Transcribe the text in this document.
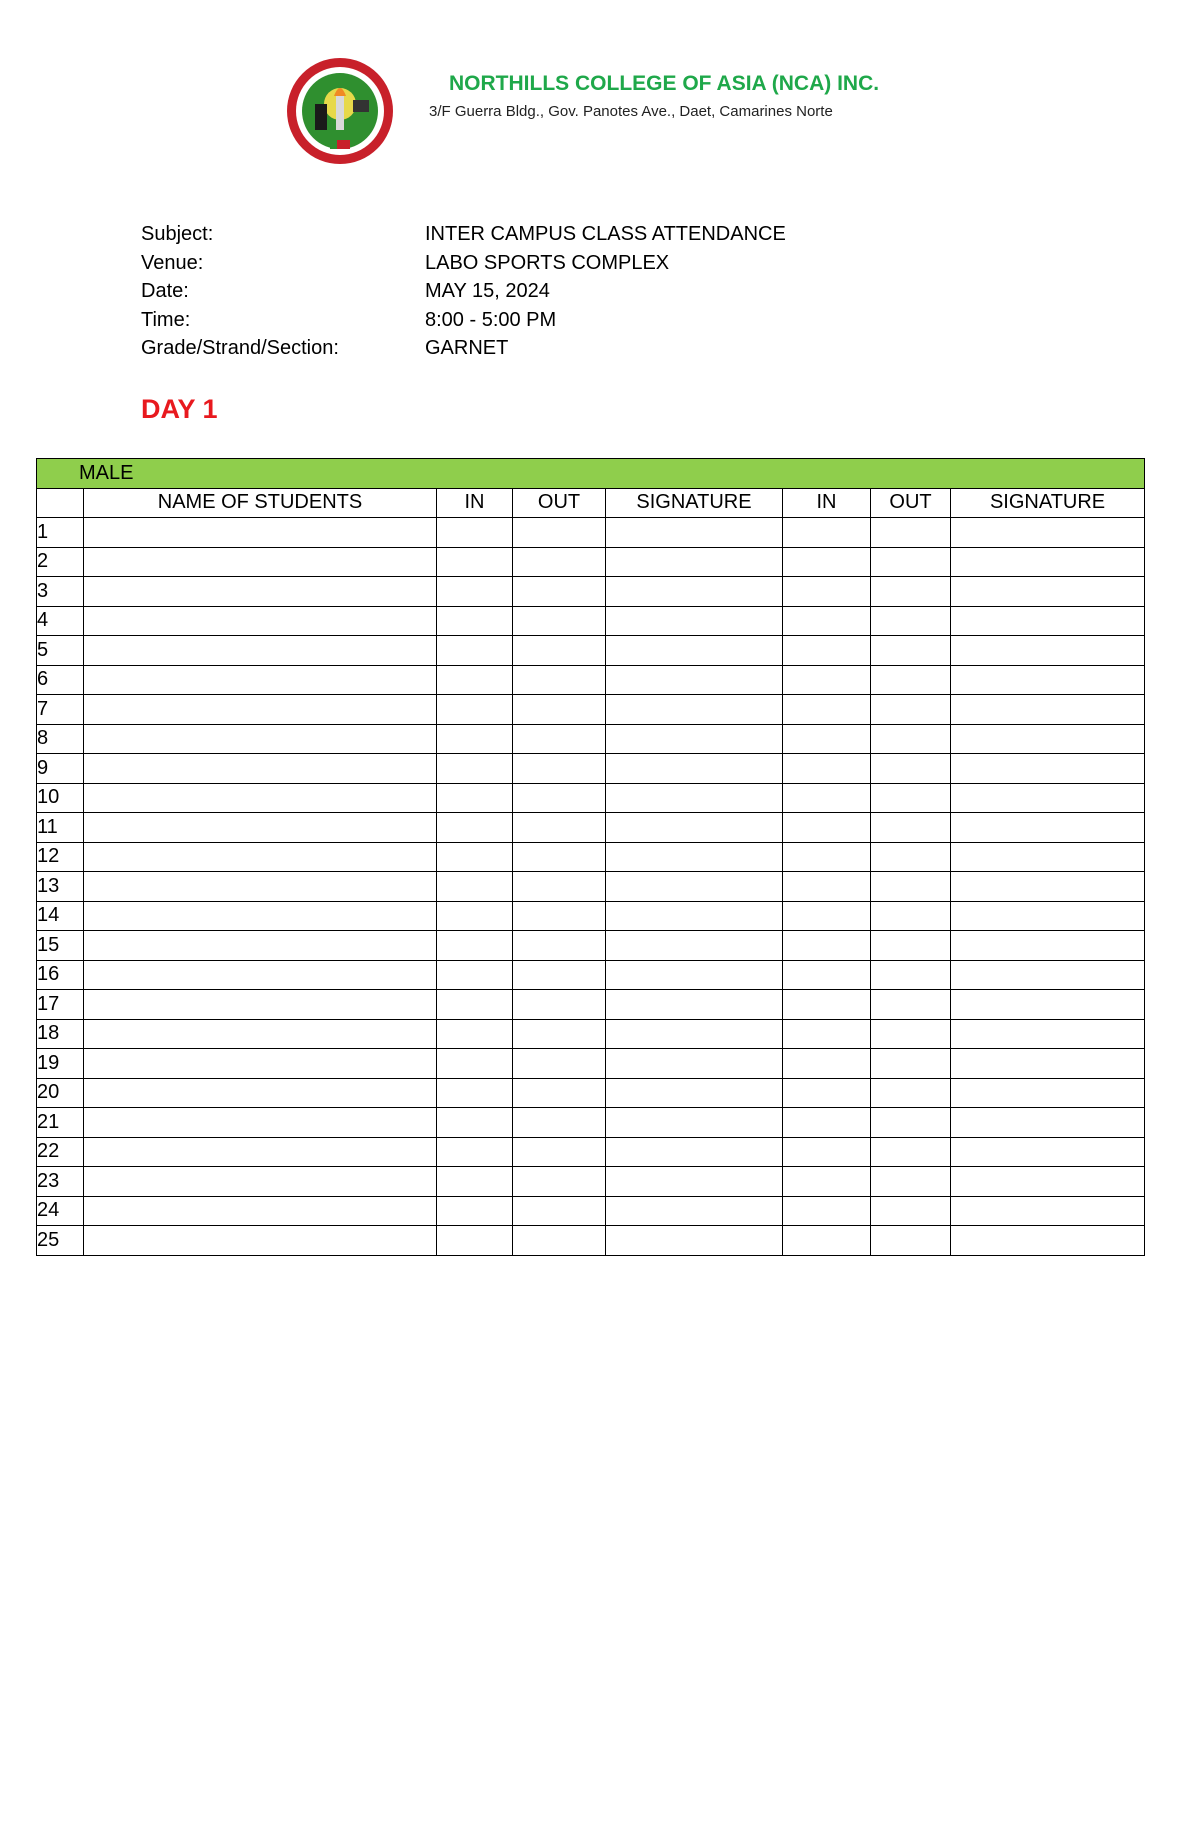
NORTHILLS COLLEGE OF ASIA (NCA) INC.
3/F Guerra Bldg., Gov. Panotes Ave., Daet, Camarines Norte
Subject:	INTER CAMPUS CLASS ATTENDANCE
Venue:	LABO SPORTS COMPLEX
Date:	MAY 15, 2024
Time:	8:00 - 5:00 PM
Grade/Strand/Section:	GARNET
DAY 1
MALE							
	NAME OF STUDENTS	IN	OUT	SIGNATURE	IN	OUT	SIGNATURE
1							
2							
3							
4							
5							
6							
7							
8							
9							
10							
11							
12							
13							
14							
15							
16							
17							
18							
19							
20							
21							
22							
23							
24							
25							
